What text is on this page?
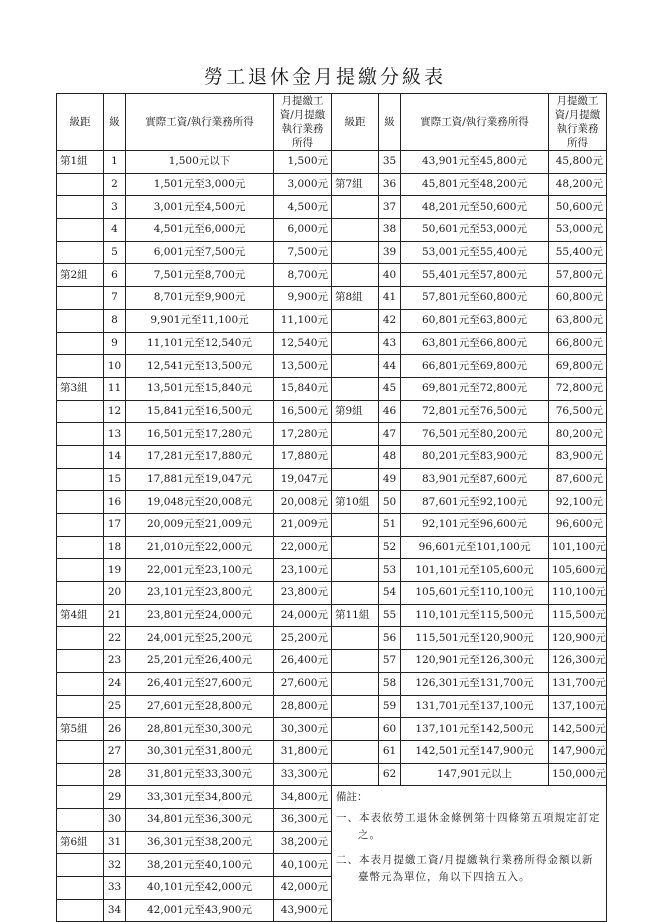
勞工退休金月提繳分級表
級距	級	實際工資/執行業務所得	月提繳工資/月提繳執行業務所得	級距	級	實際工資/執行業務所得	月提繳工資/月提繳執行業務所得
第1組	1	1,500元以下	1,500元		35	43,901元至45,800元	45,800元
	2	1,501元至3,000元	3,000元	第7組	36	45,801元至48,200元	48,200元
	3	3,001元至4,500元	4,500元		37	48,201元至50,600元	50,600元
	4	4,501元至6,000元	6,000元		38	50,601元至53,000元	53,000元
	5	6,001元至7,500元	7,500元		39	53,001元至55,400元	55,400元
第2組	6	7,501元至8,700元	8,700元		40	55,401元至57,800元	57,800元
	7	8,701元至9,900元	9,900元	第8組	41	57,801元至60,800元	60,800元
	8	9,901元至11,100元	11,100元		42	60,801元至63,800元	63,800元
	9	11,101元至12,540元	12,540元		43	63,801元至66,800元	66,800元
	10	12,541元至13,500元	13,500元		44	66,801元至69,800元	69,800元
第3組	11	13,501元至15,840元	15,840元		45	69,801元至72,800元	72,800元
	12	15,841元至16,500元	16,500元	第9組	46	72,801元至76,500元	76,500元
	13	16,501元至17,280元	17,280元		47	76,501元至80,200元	80,200元
	14	17,281元至17,880元	17,880元		48	80,201元至83,900元	83,900元
	15	17,881元至19,047元	19,047元		49	83,901元至87,600元	87,600元
	16	19,048元至20,008元	20,008元	第10組	50	87,601元至92,100元	92,100元
	17	20,009元至21,009元	21,009元		51	92,101元至96,600元	96,600元
	18	21,010元至22,000元	22,000元		52	96,601元至101,100元	101,100元
	19	22,001元至23,100元	23,100元		53	101,101元至105,600元	105,600元
	20	23,101元至23,800元	23,800元		54	105,601元至110,100元	110,100元
第4組	21	23,801元至24,000元	24,000元	第11組	55	110,101元至115,500元	115,500元
	22	24,001元至25,200元	25,200元		56	115,501元至120,900元	120,900元
	23	25,201元至26,400元	26,400元		57	120,901元至126,300元	126,300元
	24	26,401元至27,600元	27,600元		58	126,301元至131,700元	131,700元
	25	27,601元至28,800元	28,800元		59	131,701元至137,100元	137,100元
第5組	26	28,801元至30,300元	30,300元		60	137,101元至142,500元	142,500元
	27	30,301元至31,800元	31,800元		61	142,501元至147,900元	147,900元
	28	31,801元至33,300元	33,300元		62	147,901元以上	150,000元
	29	33,301元至34,800元	34,800元	備註：
一、本表依勞工退休金條例第十四條第五項規定訂定之。
二、本表月提繳工資/月提繳執行業務所得金額以新臺幣元為單位，角以下四捨五入。			

	30	34,801元至36,300元	36,300元				
第6組	31	36,301元至38,200元	38,200元				
	32	38,201元至40,100元	40,100元				
	33	40,101元至42,000元	42,000元				
	34	42,001元至43,900元	43,900元				
